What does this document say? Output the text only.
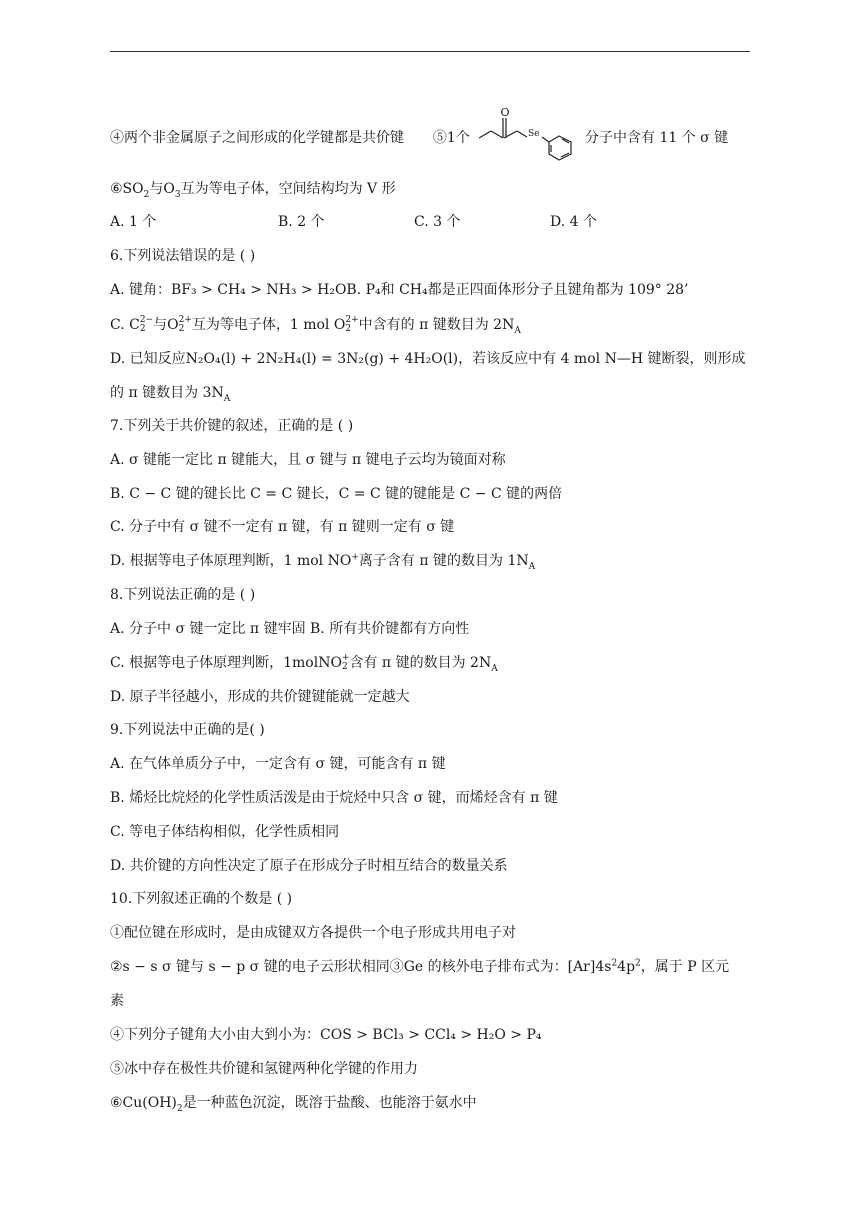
④两个非金属原子之间形成的化学键都是共价键 ⑤1个
O
Se	分子中含有 11 个 σ 键
$⑥SO_2$与$O_3$互为等电子体，空间结构均为 V 形
A. 1 个	B. 2 个	C. 3 个	D. 4 个
6.下列说法错误的是 ( )
A. 键角：BF₃ > CH₄ > NH₃ > H₂OB. P₄和 CH₄都是正四面体形分子且键角都为 109° 28’
C. C 2−
2 与O 2+
2 互为等电子体，1 mol O 2+
2 中含有的 π 键数目为 $2N_A$
D. 已知反应N₂O₄(l) + 2N₂H₄(l) = 3N₂(g) + 4H₂O(l)，若该反应中有 4 mol N—H 键断裂，则形成
的 π 键数目为 $3N_A$
7.下列关于共价键的叙述，正确的是 ( )
A. σ 键能一定比 π 键能大，且 σ 键与 π 键电子云均为镜面对称
B. C − C 键的键长比 C = C 键长，C = C 键的键能是 C − C 键的两倍
C. 分子中有 σ 键不一定有 π 键，有 π 键则一定有 σ 键
D. 根据等电子体原理判断，1 mol NO+离子含有 π 键的数目为 $1N_A$
8.下列说法正确的是 ( )
A. 分子中 σ 键一定比 π 键牢固 B. 所有共价键都有方向性
C. 根据等电子体原理判断，1molNO +
2 含有 π 键的数目为 $2N_A$
D. 原子半径越小，形成的共价键键能就一定越大
9.下列说法中正确的是( )
A. 在气体单质分子中，一定含有 σ 键，可能含有 π 键
B. 烯烃比烷烃的化学性质活泼是由于烷烃中只含 σ 键，而烯烃含有 π 键
C. 等电子体结构相似，化学性质相同
D. 共价键的方向性决定了原子在形成分子时相互结合的数量关系
10.下列叙述正确的个数是 ( )
①配位键在形成时，是由成键双方各提供一个电子形成共用电子对
②s − s σ 键与 s − p σ 键的电子云形状相同③Ge 的核外电子排布式为：$[Ar]4s^24p^2$，属于 P 区元
素
④下列分子键角大小由大到小为：COS > BCl₃ > CCl₄ > H₂O > P₄
⑤冰中存在极性共价键和氢键两种化学键的作用力
$⑥Cu(OH)_2$是一种蓝色沉淀，既溶于盐酸、也能溶于氨水中
